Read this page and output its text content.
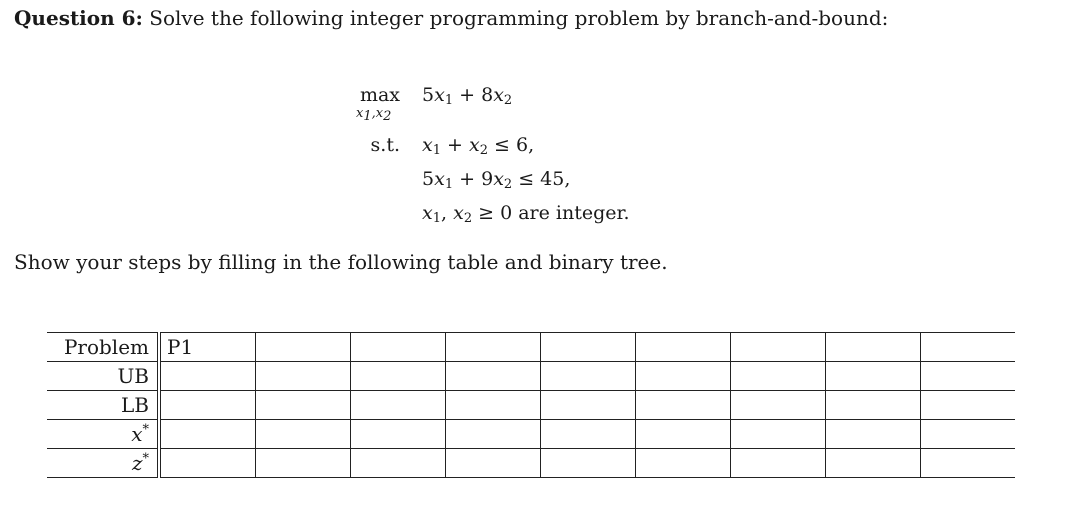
Question 6: Solve the following integer programming problem by branch-and-bound:
max
$x_1,x_2$
$5x_1 + 8x_2$
s.t. $x_1 + x_2 \le 6$,
$5x_1 + 9x_2 \le 45$,
$x_1$, $x_2 \ge 0$ are integer.
Show your steps by filling in the following table and binary tree.
Problem	P1								
UB									
LB									
x*									
z*									
